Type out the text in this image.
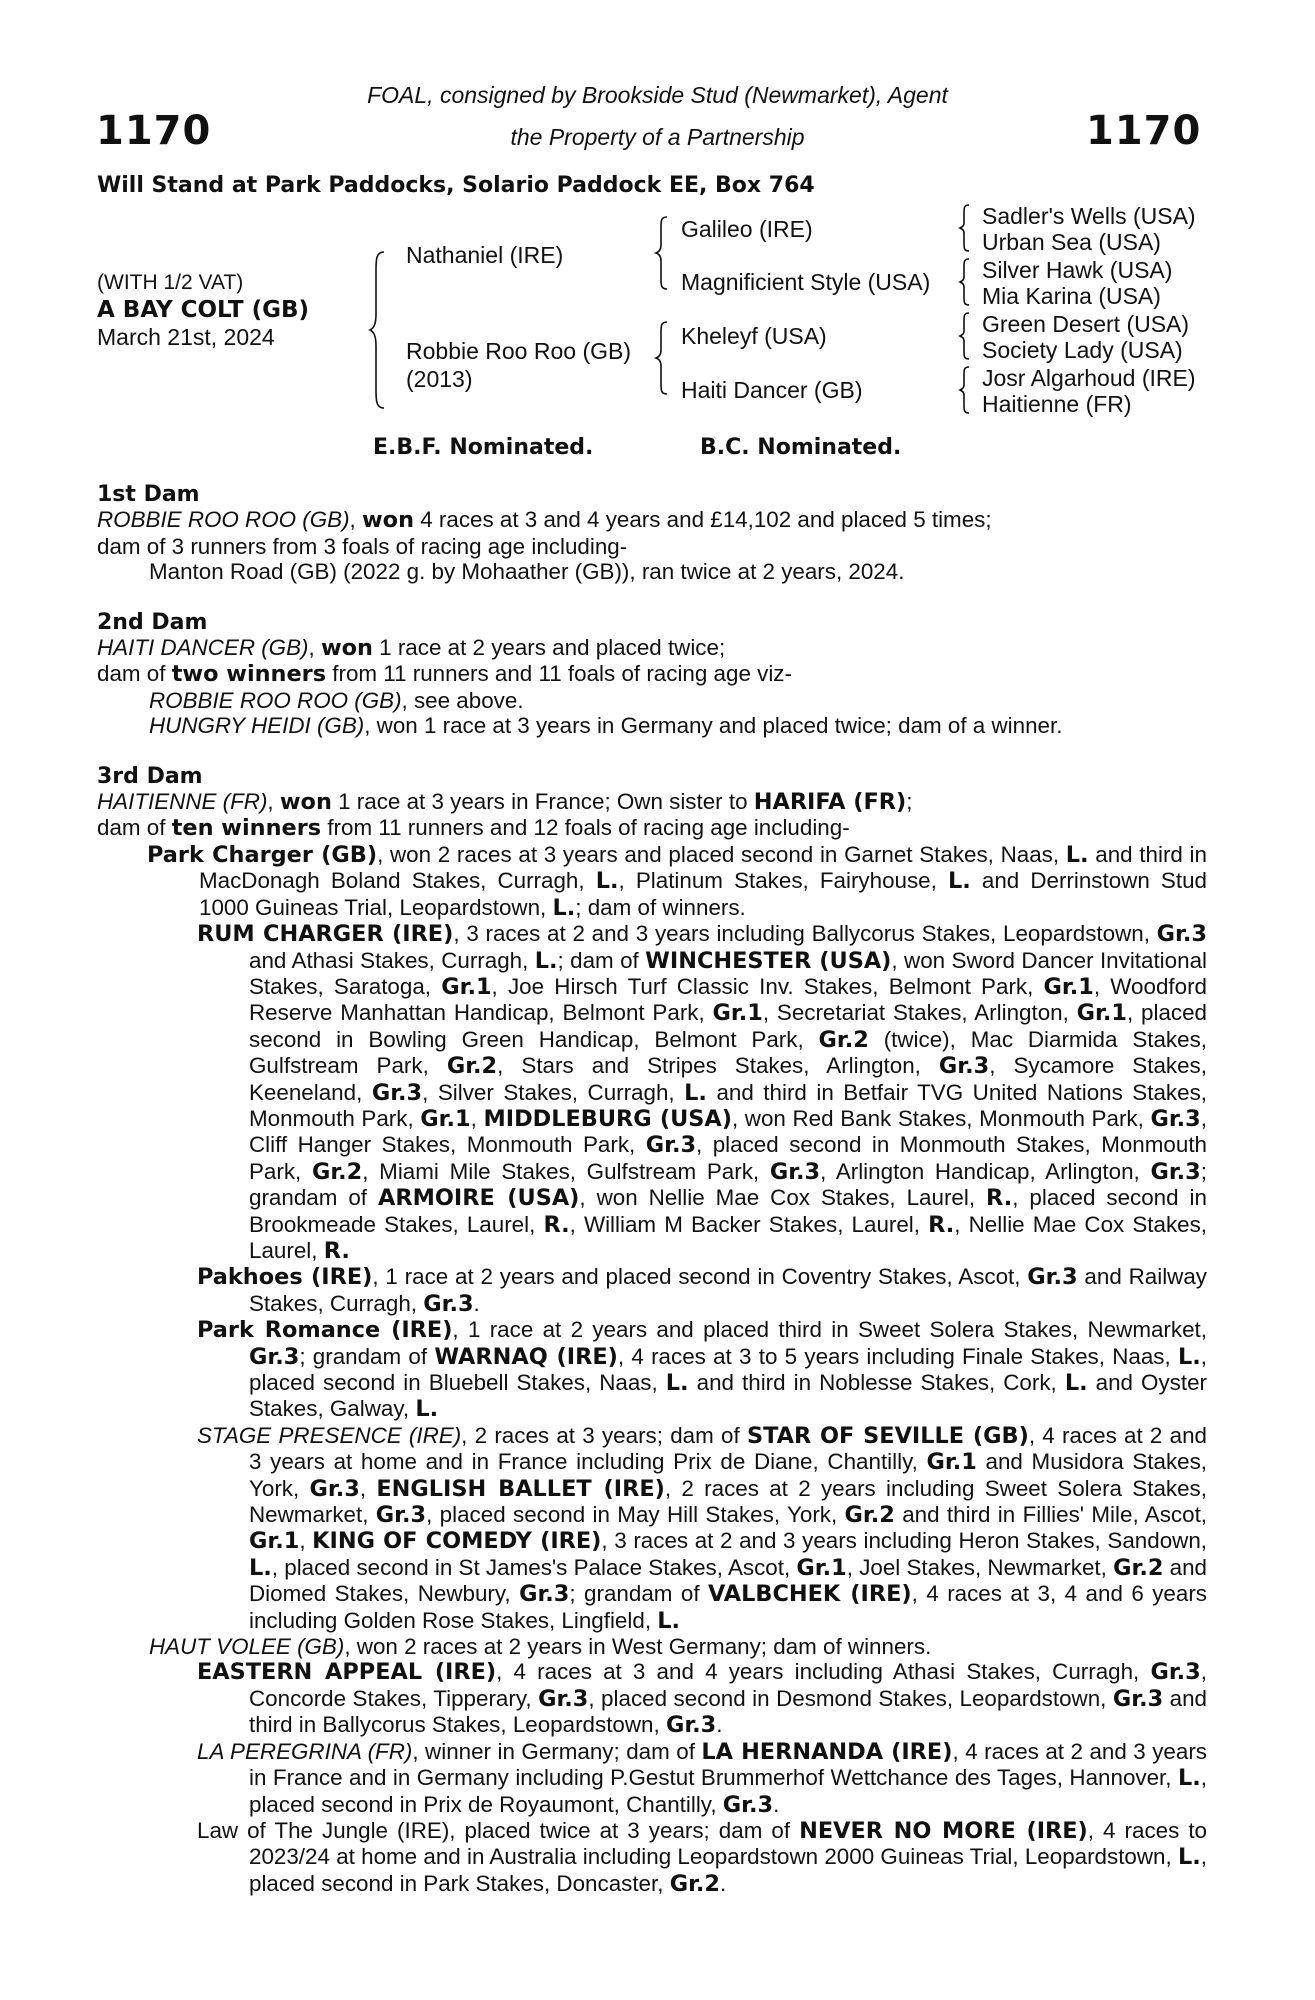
1170	1170
FOAL, consigned by Brookside Stud (Newmarket), Agent
the Property of a Partnership
Will Stand at Park Paddocks, Solario Paddock EE, Box 764
(WITH 1/2 VAT)
A BAY COLT (GB)
March 21st, 2024
Nathaniel (IRE)
Robbie Roo Roo (GB)
(2013)
Galileo (IRE)
Magnificient Style (USA)
Kheleyf (USA)
Haiti Dancer (GB)
Sadler's Wells (USA)
Urban Sea (USA)
Silver Hawk (USA)
Mia Karina (USA)
Green Desert (USA)
Society Lady (USA)
Josr Algarhoud (IRE)
Haitienne (FR)
E.B.F. Nominated.	B.C. Nominated.

1st Dam

ROBBIE ROO ROO (GB), won 4 races at 3 and 4 years and £14,102 and placed 5 times;

dam of 3 runners from 3 foals of racing age including-

Manton Road (GB) (2022 g. by Mohaather (GB)), ran twice at 2 years, 2024.

2nd Dam

HAITI DANCER (GB), won 1 race at 2 years and placed twice;

dam of two winners from 11 runners and 11 foals of racing age viz-

ROBBIE ROO ROO (GB), see above.

HUNGRY HEIDI (GB), won 1 race at 3 years in Germany and placed twice; dam of a winner.

3rd Dam

HAITIENNE (FR), won 1 race at 3 years in France; Own sister to HARIFA (FR);

dam of ten winners from 11 runners and 12 foals of racing age including-

Park Charger (GB), won 2 races at 3 years and placed second in Garnet Stakes, Naas, L. and third in MacDonagh Boland Stakes, Curragh, L., Platinum Stakes, Fairyhouse, L. and Derrinstown Stud 1000 Guineas Trial, Leopardstown, L.; dam of winners.

RUM CHARGER (IRE), 3 races at 2 and 3 years including Ballycorus Stakes, Leopardstown, Gr.3 and Athasi Stakes, Curragh, L.; dam of WINCHESTER (USA), won Sword Dancer Invitational Stakes, Saratoga, Gr.1, Joe Hirsch Turf Classic Inv. Stakes, Belmont Park, Gr.1, Woodford Reserve Manhattan Handicap, Belmont Park, Gr.1, Secretariat Stakes, Arlington, Gr.1, placed second in Bowling Green Handicap, Belmont Park, Gr.2 (twice), Mac Diarmida Stakes, Gulfstream Park, Gr.2, Stars and Stripes Stakes, Arlington, Gr.3, Sycamore Stakes, Keeneland, Gr.3, Silver Stakes, Curragh, L. and third in Betfair TVG United Nations Stakes, Monmouth Park, Gr.1, MIDDLEBURG (USA), won Red Bank Stakes, Monmouth Park, Gr.3, Cliff Hanger Stakes, Monmouth Park, Gr.3, placed second in Monmouth Stakes, Monmouth Park, Gr.2, Miami Mile Stakes, Gulfstream Park, Gr.3, Arlington Handicap, Arlington, Gr.3; grandam of ARMOIRE (USA), won Nellie Mae Cox Stakes, Laurel, R., placed second in Brookmeade Stakes, Laurel, R., William M Backer Stakes, Laurel, R., Nellie Mae Cox Stakes, Laurel, R.

Pakhoes (IRE), 1 race at 2 years and placed second in Coventry Stakes, Ascot, Gr.3 and Railway Stakes, Curragh, Gr.3.

Park Romance (IRE), 1 race at 2 years and placed third in Sweet Solera Stakes, Newmarket, Gr.3; grandam of WARNAQ (IRE), 4 races at 3 to 5 years including Finale Stakes, Naas, L., placed second in Bluebell Stakes, Naas, L. and third in Noblesse Stakes, Cork, L. and Oyster Stakes, Galway, L.

STAGE PRESENCE (IRE), 2 races at 3 years; dam of STAR OF SEVILLE (GB), 4 races at 2 and 3 years at home and in France including Prix de Diane, Chantilly, Gr.1 and Musidora Stakes, York, Gr.3, ENGLISH BALLET (IRE), 2 races at 2 years including Sweet Solera Stakes, Newmarket, Gr.3, placed second in May Hill Stakes, York, Gr.2 and third in Fillies' Mile, Ascot, Gr.1, KING OF COMEDY (IRE), 3 races at 2 and 3 years including Heron Stakes, Sandown, L., placed second in St James's Palace Stakes, Ascot, Gr.1, Joel Stakes, Newmarket, Gr.2 and Diomed Stakes, Newbury, Gr.3; grandam of VALBCHEK (IRE), 4 races at 3, 4 and 6 years including Golden Rose Stakes, Lingfield, L.

HAUT VOLEE (GB), won 2 races at 2 years in West Germany; dam of winners.

EASTERN APPEAL (IRE), 4 races at 3 and 4 years including Athasi Stakes, Curragh, Gr.3, Concorde Stakes, Tipperary, Gr.3, placed second in Desmond Stakes, Leopardstown, Gr.3 and third in Ballycorus Stakes, Leopardstown, Gr.3.

LA PEREGRINA (FR), winner in Germany; dam of LA HERNANDA (IRE), 4 races at 2 and 3 years in France and in Germany including P.Gestut Brummerhof Wettchance des Tages, Hannover, L., placed second in Prix de Royaumont, Chantilly, Gr.3.

Law of The Jungle (IRE), placed twice at 3 years; dam of NEVER NO MORE (IRE), 4 races to 2023/24 at home and in Australia including Leopardstown 2000 Guineas Trial, Leopardstown, L., placed second in Park Stakes, Doncaster, Gr.2.
